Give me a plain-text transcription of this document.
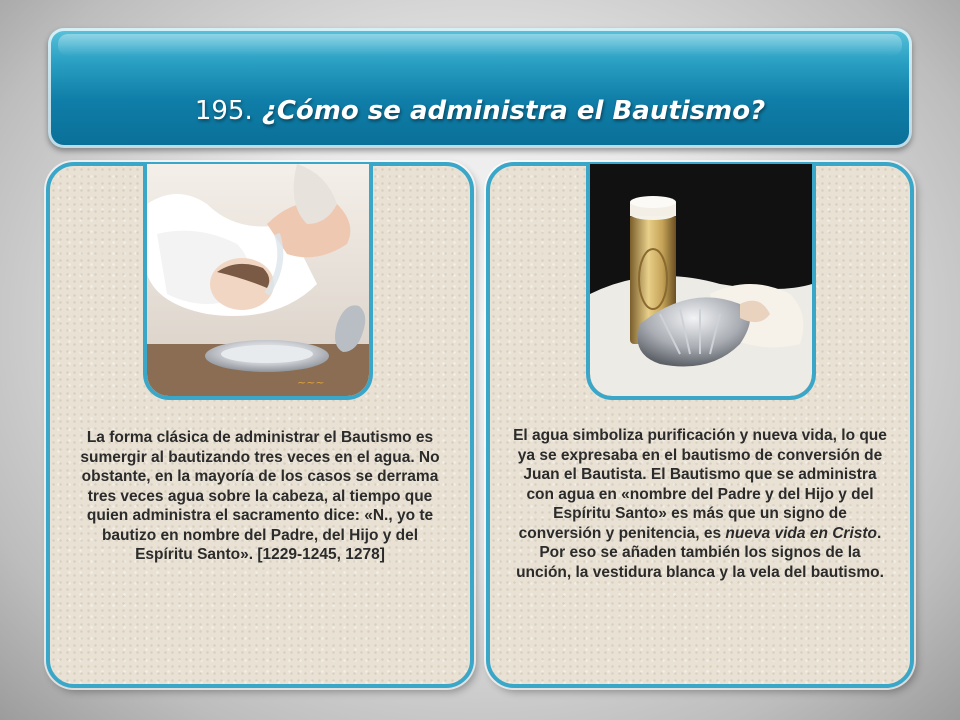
195. ¿Cómo se administra el Bautismo?
~~~
La forma clásica de administrar el Bautismo es sumergir al bautizando tres veces en el agua. No obstante, en la mayoría de los casos se derrama tres veces agua sobre la cabeza, al tiempo que quien administra el sacramento dice: «N., yo te bautizo en nombre del Padre, del Hijo y del Espíritu Santo». [1229-1245, 1278]
El agua simboliza purificación y nueva vida, lo que ya se expresaba en el bautismo de conversión de Juan el Bautista. El Bautismo que se administra con agua en «nombre del Padre y del Hijo y del Espíritu Santo» es más que un signo de conversión y penitencia, es nueva vida en Cristo. Por eso se añaden también los signos de la unción, la vestidura blanca y la vela del bautismo.
